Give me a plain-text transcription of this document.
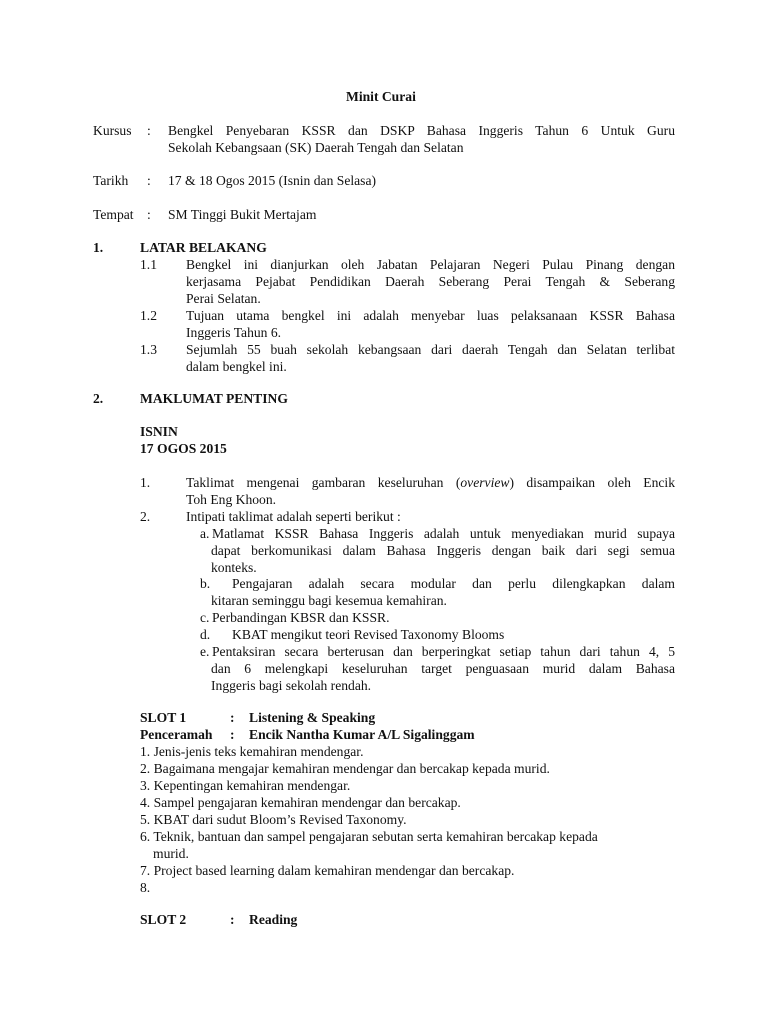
Minit Curai
Kursus : Bengkel Penyebaran KSSR dan DSKP Bahasa Inggeris Tahun 6 Untuk Guru
Sekolah Kebangsaan (SK) Daerah Tengah dan Selatan
Tarikh : 17 & 18 Ogos 2015 (Isnin dan Selasa)
Tempat : SM Tinggi Bukit Mertajam
1.	LATAR BELAKANG
1.1 Bengkel ini dianjurkan oleh Jabatan Pelajaran Negeri Pulau Pinang dengan
kerjasama Pejabat Pendidikan Daerah Seberang Perai Tengah & Seberang
Perai Selatan.
1.2 Tujuan utama bengkel ini adalah menyebar luas pelaksanaan KSSR Bahasa
Inggeris Tahun 6.
1.3 Sejumlah 55 buah sekolah kebangsaan dari daerah Tengah dan Selatan terlibat
dalam bengkel ini.
2.	MAKLUMAT PENTING
ISNIN
17 OGOS 2015
1.	Taklimat mengenai gambaran keseluruhan (overview) disampaikan oleh Encik
Toh Eng Khoon.
2.	Intipati taklimat adalah seperti berikut :
a. Matlamat KSSR Bahasa Inggeris adalah untuk menyediakan murid supaya
dapat berkomunikasi dalam Bahasa Inggeris dengan baik dari segi semua
konteks.
b. Pengajaran adalah secara modular dan perlu dilengkapkan dalam
kitaran seminggu bagi kesemua kemahiran.
c. Perbandingan KBSR dan KSSR.
d. KBAT mengikut teori Revised Taxonomy Blooms
e. Pentaksiran secara berterusan dan berperingkat setiap tahun dari tahun 4, 5
dan 6 melengkapi keseluruhan target penguasaan murid dalam Bahasa
Inggeris bagi sekolah rendah.
SLOT 1	: Listening & Speaking
Penceramah : Encik Nantha Kumar A/L Sigalinggam
1. Jenis-jenis teks kemahiran mendengar.
2. Bagaimana mengajar kemahiran mendengar dan bercakap kepada murid.
3. Kepentingan kemahiran mendengar.
4. Sampel pengajaran kemahiran mendengar dan bercakap.
5. KBAT dari sudut Bloom’s Revised Taxonomy.
6. Teknik, bantuan dan sampel pengajaran sebutan serta kemahiran bercakap kepada
murid.
7. Project based learning dalam kemahiran mendengar dan bercakap.
8.
SLOT 2	: Reading
